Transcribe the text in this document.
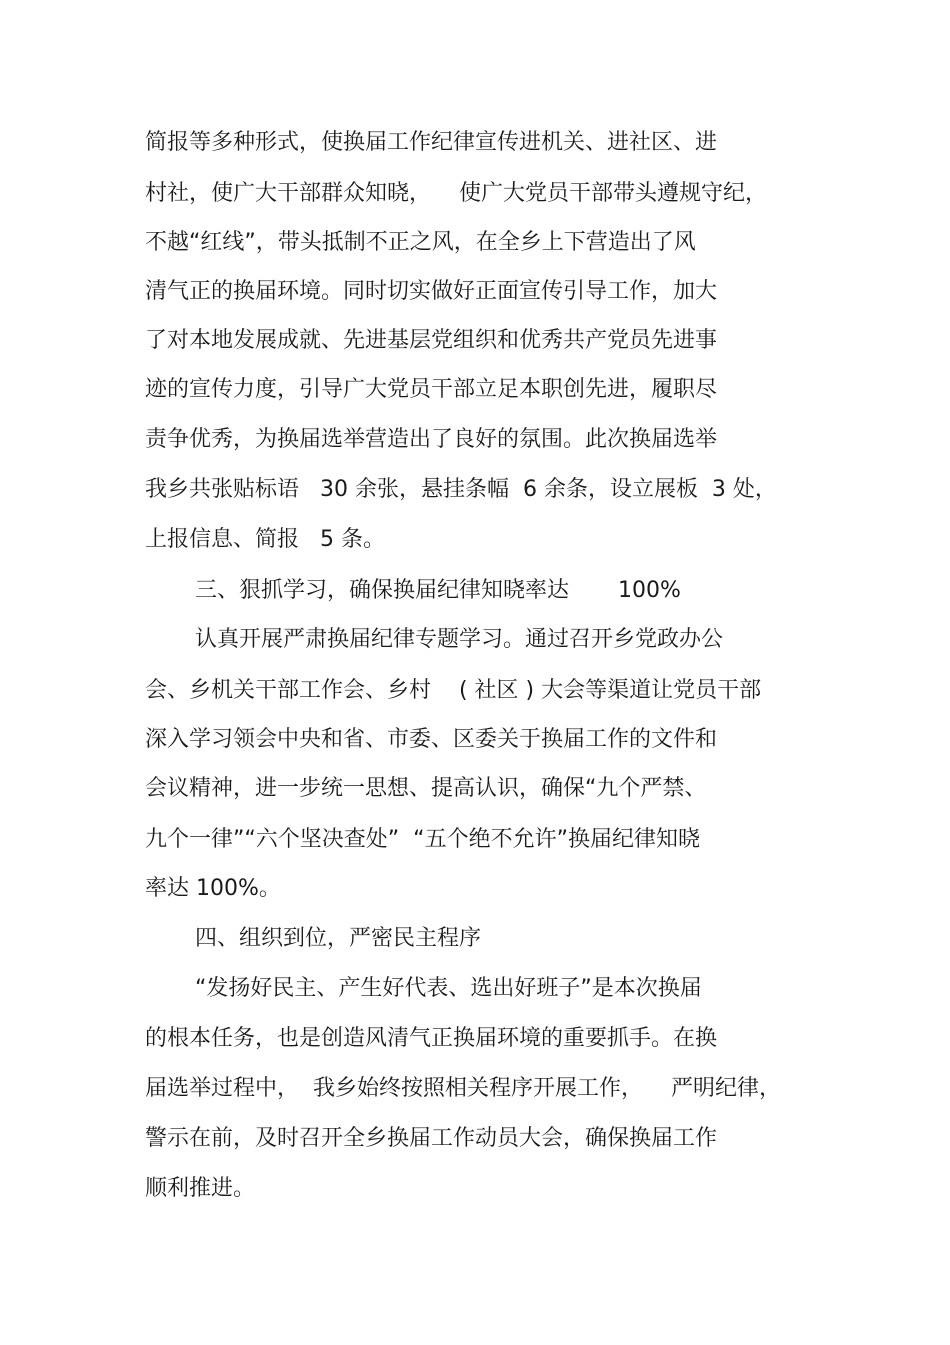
简报等多种形式，使换届工作纪律宣传进机关、进社区、进
村社，使广大干部群众知晓，    使广大党员干部带头遵规守纪，
不越“红线”，带头抵制不正之风，在全乡上下营造出了风
清气正的换届环境。同时切实做好正面宣传引导工作，加大
了对本地发展成就、先进基层党组织和优秀共产党员先进事
迹的宣传力度，引导广大党员干部立足本职创先进，履职尽
责争优秀，为换届选举营造出了良好的氛围。此次换届选举
我乡共张贴标语   30 余张，悬挂条幅  6 余条，设立展板  3 处，
上报信息、简报   5 条。
三、狠抓学习，确保换届纪律知晓率达       100%
认真开展严肃换届纪律专题学习。通过召开乡党政办公
会、乡机关干部工作会、乡村    ( 社区 ) 大会等渠道让党员干部
深入学习领会中央和省、市委、区委关于换届工作的文件和
会议精神，进一步统一思想、提高认识，确保“九个严禁、
九个一律”“六个坚决查处”  “五个绝不允许”换届纪律知晓
率达 100%。
四、组织到位，严密民主程序
“发扬好民主、产生好代表、选出好班子”是本次换届
的根本任务，也是创造风清气正换届环境的重要抓手。在换
届选举过程中，  我乡始终按照相关程序开展工作，    严明纪律，
警示在前，及时召开全乡换届工作动员大会，确保换届工作
顺利推进。
